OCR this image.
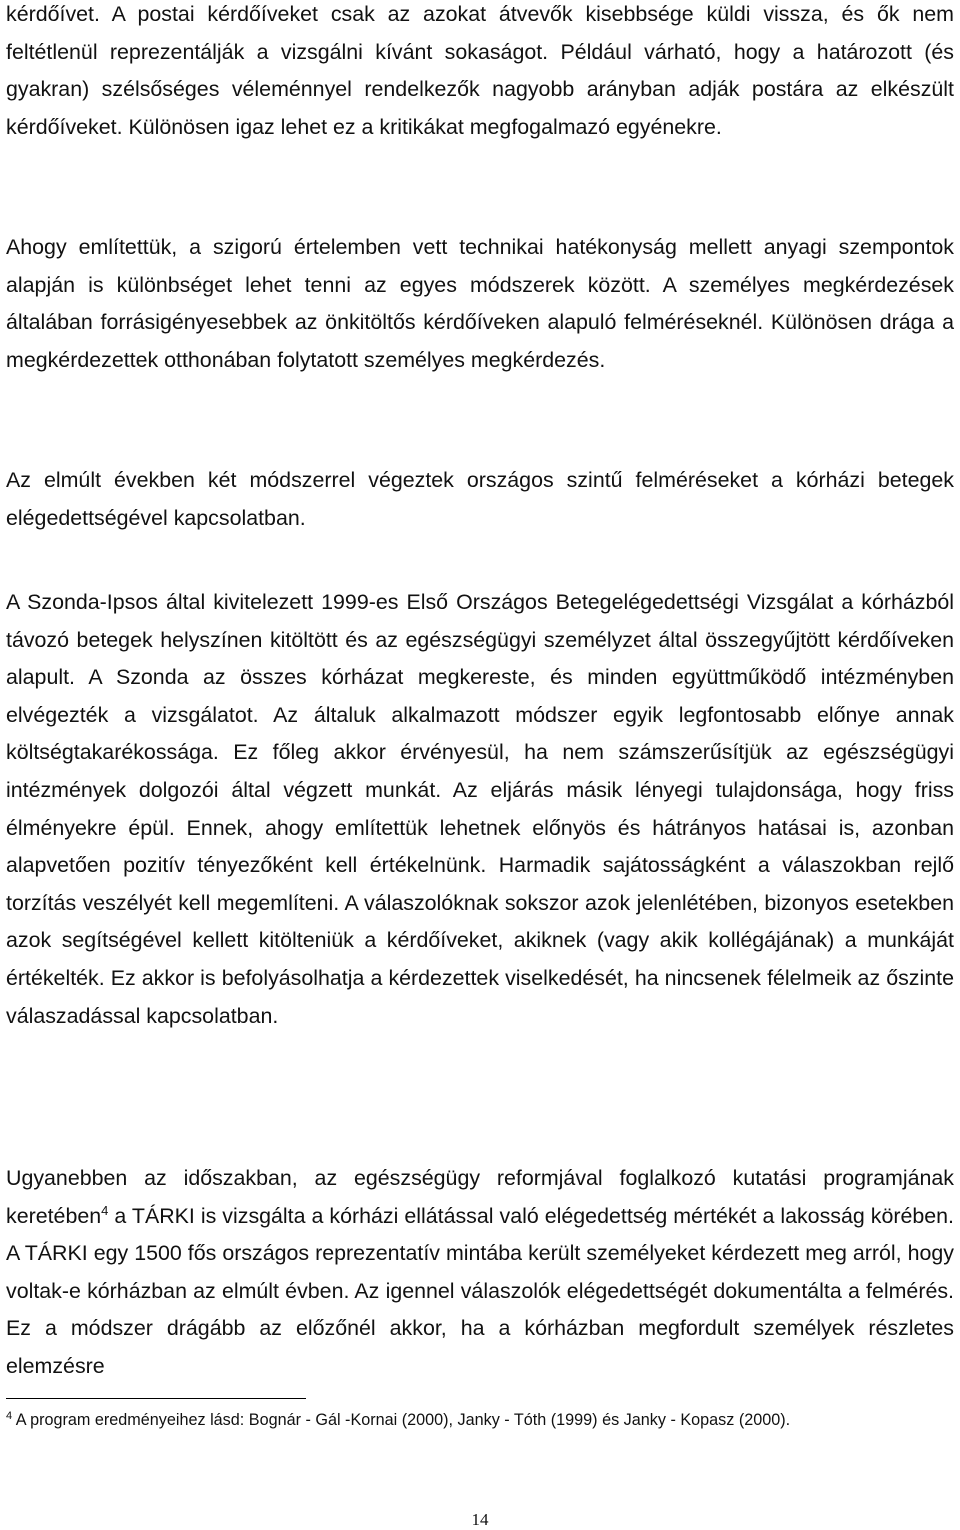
kérdőívet. A postai kérdőíveket csak az azokat átvevők kisebbsége küldi vissza, és ők nem feltétlenül reprezentálják a vizsgálni kívánt sokaságot. Például várható, hogy a határozott (és gyakran) szélsőséges véleménnyel rendelkezők nagyobb arányban adják postára az elkészült kérdőíveket. Különösen igaz lehet ez a kritikákat megfogalmazó egyénekre.

Ahogy említettük, a szigorú értelemben vett technikai hatékonyság mellett anyagi szempontok alapján is különbséget lehet tenni az egyes módszerek között. A személyes megkérdezések általában forrásigényesebbek az önkitöltős kérdőíveken alapuló felméréseknél. Különösen drága a megkérdezettek otthonában folytatott személyes megkérdezés.

Az elmúlt években két módszerrel végeztek országos szintű felméréseket a kórházi betegek elégedettségével kapcsolatban.

A Szonda-Ipsos által kivitelezett 1999-es Első Országos Betegelégedettségi Vizsgálat a kórházból távozó betegek helyszínen kitöltött és az egészségügyi személyzet által összegyűjtött kérdőíveken alapult. A Szonda az összes kórházat megkereste, és minden együttműködő intézményben elvégezték a vizsgálatot. Az általuk alkalmazott módszer egyik legfontosabb előnye annak költségtakarékossága. Ez főleg akkor érvényesül, ha nem számszerűsítjük az egészségügyi intézmények dolgozói által végzett munkát. Az eljárás másik lényegi tulajdonsága, hogy friss élményekre épül. Ennek, ahogy említettük lehetnek előnyös és hátrányos hatásai is, azonban alapvetően pozitív tényezőként kell értékelnünk. Harmadik sajátosságként a válaszokban rejlő torzítás veszélyét kell megemlíteni. A válaszolóknak sokszor azok jelenlétében, bizonyos esetekben azok segítségével kellett kitölteniük a kérdőíveket, akiknek (vagy akik kollégájának) a munkáját értékelték. Ez akkor is befolyásolhatja a kérdezettek viselkedését, ha nincsenek félelmeik az őszinte válaszadással kapcsolatban.

Ugyanebben az időszakban, az egészségügy reformjával foglalkozó kutatási programjának keretében$^4$ a TÁRKI is vizsgálta a kórházi ellátással való elégedettség mértékét a lakosság körében. A TÁRKI egy 1500 fős országos reprezentatív mintába került személyeket kérdezett meg arról, hogy voltak-e kórházban az elmúlt évben. Az igennel válaszolók elégedettségét dokumentálta a felmérés. Ez a módszer drágább az előzőnél akkor, ha a kórházban megfordult személyek részletes elemzésre

$^4$ A program eredményeihez lásd: Bognár - Gál -Kornai (2000), Janky - Tóth (1999) és Janky - Kopasz (2000).

14
